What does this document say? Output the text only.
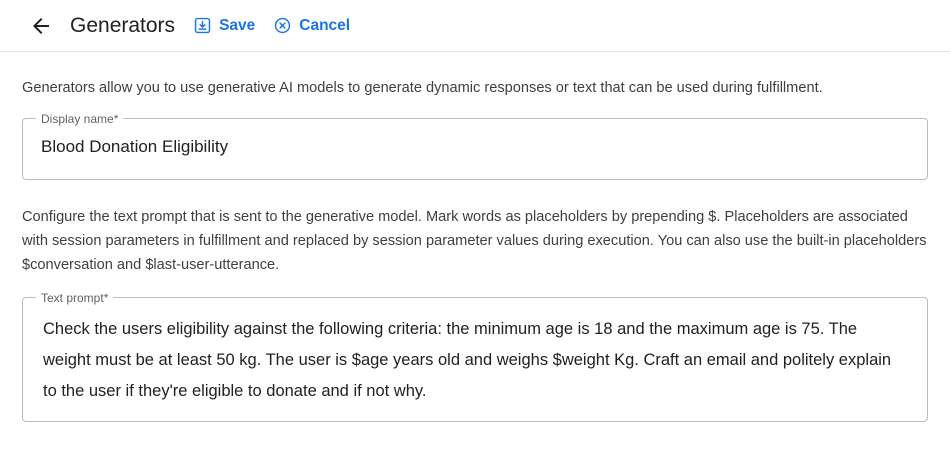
Generators	Save	Cancel

Generators allow you to use generative AI models to generate dynamic responses or text that can be used during fulfillment.

Display name*
Blood Donation Eligibility

Configure the text prompt that is sent to the generative model. Mark words as placeholders by prepending $. Placeholders are associated with session parameters in fulfillment and replaced by session parameter values during execution. You can also use the built-in placeholders $conversation and $last-user-utterance.

Text prompt*
Check the users eligibility against the following criteria: the minimum age is 18 and the maximum age is 75. The weight must be at least 50 kg. The user is $age years old and weighs $weight Kg. Craft an email and politely explain to the user if they're eligible to donate and if not why.
